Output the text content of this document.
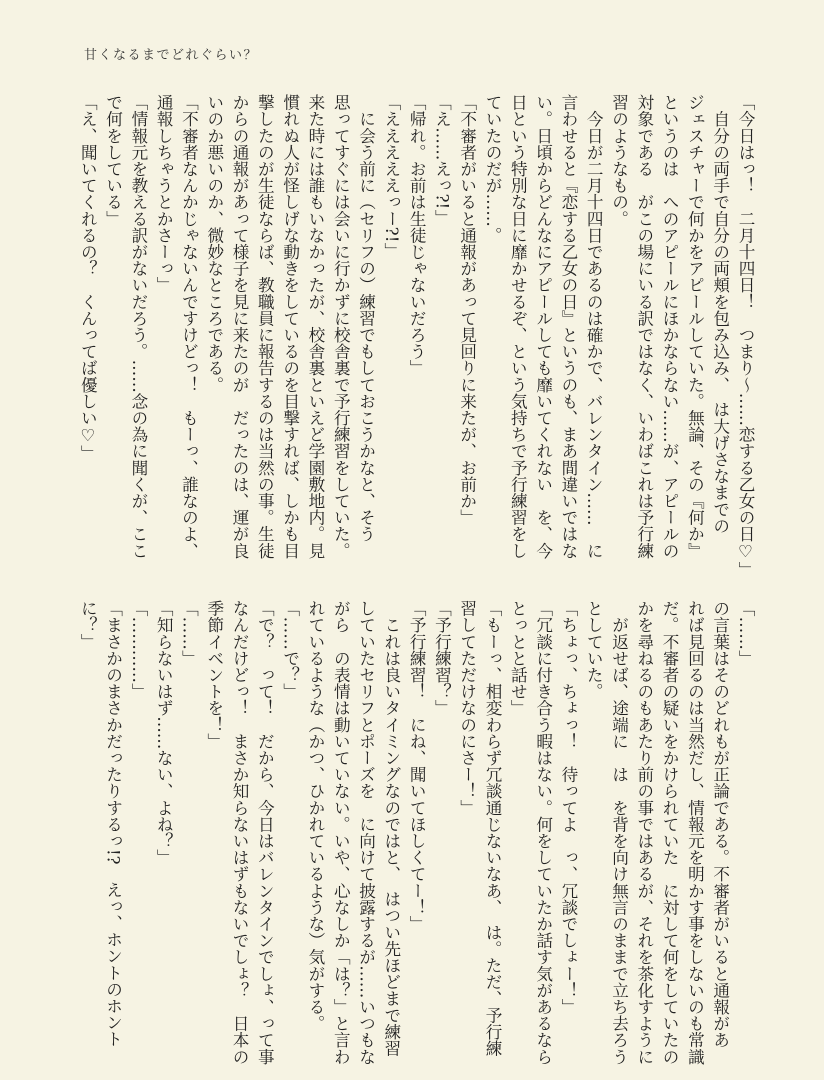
甘くなるまでどれぐらい？
「今日はっ！　二月十四日！　つまり～……恋する乙女の日♡」
　自分の両手で自分の両頬を包み込み、　は大げさなまでの
ジェスチャーで何かをアピールしていた。無論、その『何か』
というのは　へのアピールにほかならない……が、アピールの
対象である　がこの場にいる訳ではなく、いわばこれは予行練
習のようなもの。
　今日が二月十四日であるのは確かで、バレンタイン……　に
言わせると『恋する乙女の日』というのも、まあ間違いではな
い。日頃からどんなにアピールしても靡いてくれない　を、今
日という特別な日に靡かせるぞ、という気持ちで予行練習をし
ていたのだが……。
「不審者がいると通報があって見回りに来たが、お前か」
「え……えっ?!」
「帰れ。お前は生徒じゃないだろう」
「えええええっー?!」
　に会う前に（セリフの）練習でもしておこうかなと、そう
思ってすぐには会いに行かずに校舎裏で予行練習をしていた。
来た時には誰もいなかったが、校舎裏といえど学園敷地内。見
慣れぬ人が怪しげな動きをしているのを目撃すれば、しかも目
撃したのが生徒ならば、教職員に報告するのは当然の事。生徒
からの通報があって様子を見に来たのが　だったのは、運が良
いのか悪いのか、微妙なところである。
「不審者なんかじゃないんですけどっ！　もーっ、誰なのよ、
通報しちゃうとかさーっ」
「情報元を教える訳がないだろう。……念の為に聞くが、ここ
で何をしている」
「え、聞いてくれるの？　くんってば優しい♡」
「……」
の言葉はそのどれもが正論である。不審者がいると通報があ
れば見回るのは当然だし、情報元を明かす事をしないのも常識
だ。不審者の疑いをかけられていた　に対して何をしていたの
かを尋ねるのもあたり前の事ではあるが、それを茶化すように
　が返せば、途端に　は　を背を向け無言のままで立ち去ろう
としていた。
「ちょっ、ちょっ！　待ってよ　っ、冗談でしょー！」
「冗談に付き合う暇はない。何をしていたか話す気があるなら
とっとと話せ」
「もーっ、相変わらず冗談通じないなあ、　は。ただ、予行練
習してただけなのにさー！」
「予行練習？」
「予行練習！　にね、聞いてほしくてー！」
　これは良いタイミングなのではと、　はつい先ほどまで練習
していたセリフとポーズを　に向けて披露するが……いつもな
がら　の表情は動いていない。いや、心なしか「は？」と言わ
れているような（かつ、ひかれているような）気がする。
「……で？」
「で？　って！　だから、今日はバレンタインでしょ、って事
なんだけどっ！　まさか知らないはずもないでしょ？　日本の
季節イベントを！」
「……」
「知らないはず……ない、よね？」
「…………」
「まさかのまさかだったりするっ!?　えっ、ホントのホント
に？」
